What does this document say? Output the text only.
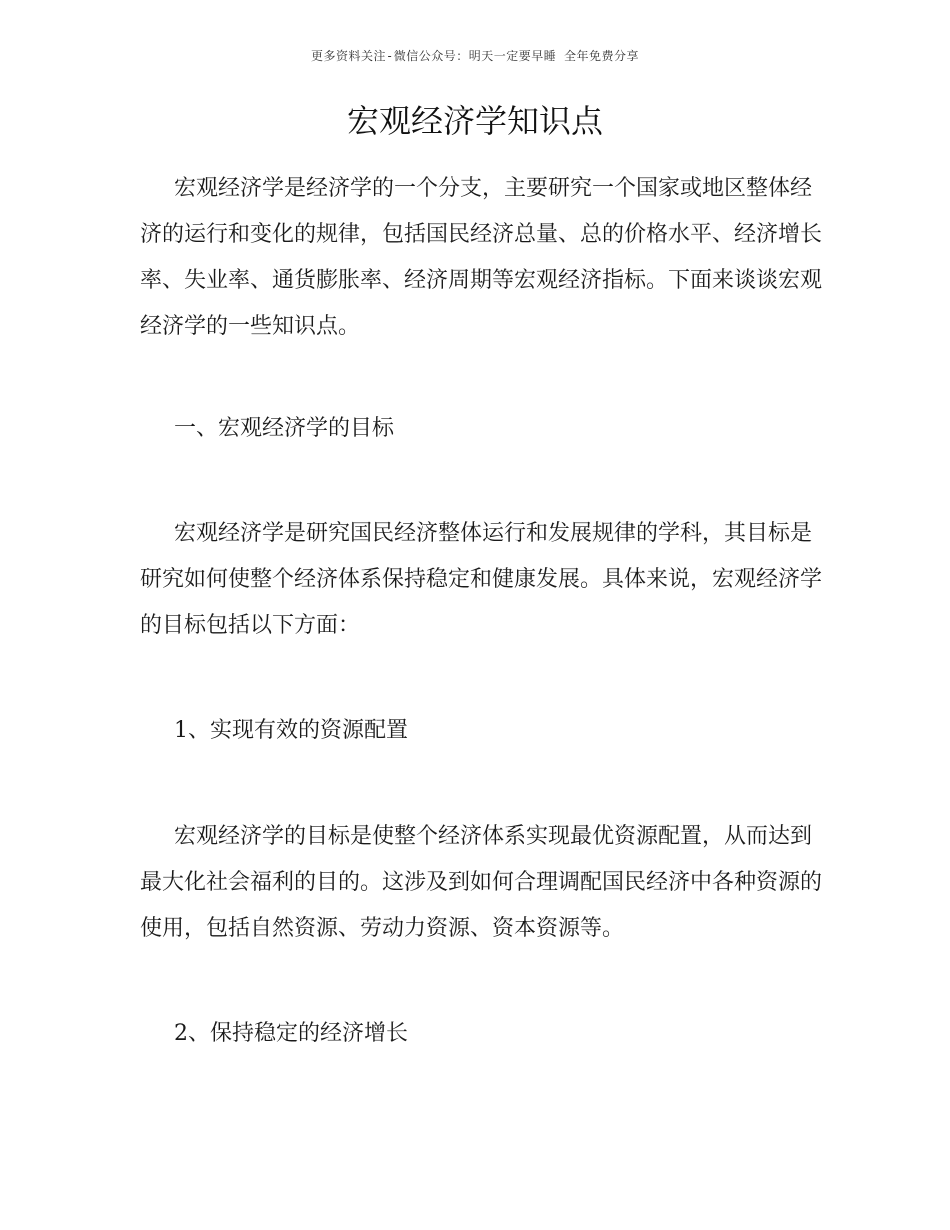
更多资料关注-微信公众号：明天一定要早睡 全年免费分享
宏观经济学知识点

宏观经济学是经济学的一个分支，主要研究一个国家或地区整体经济的运行和变化的规律，包括国民经济总量、总的价格水平、经济增长率、失业率、通货膨胀率、经济周期等宏观经济指标。下面来谈谈宏观经济学的一些知识点。

一、宏观经济学的目标

宏观经济学是研究国民经济整体运行和发展规律的学科，其目标是研究如何使整个经济体系保持稳定和健康发展。具体来说，宏观经济学的目标包括以下方面：

1、实现有效的资源配置

宏观经济学的目标是使整个经济体系实现最优资源配置，从而达到最大化社会福利的目的。这涉及到如何合理调配国民经济中各种资源的使用，包括自然资源、劳动力资源、资本资源等。

2、保持稳定的经济增长
